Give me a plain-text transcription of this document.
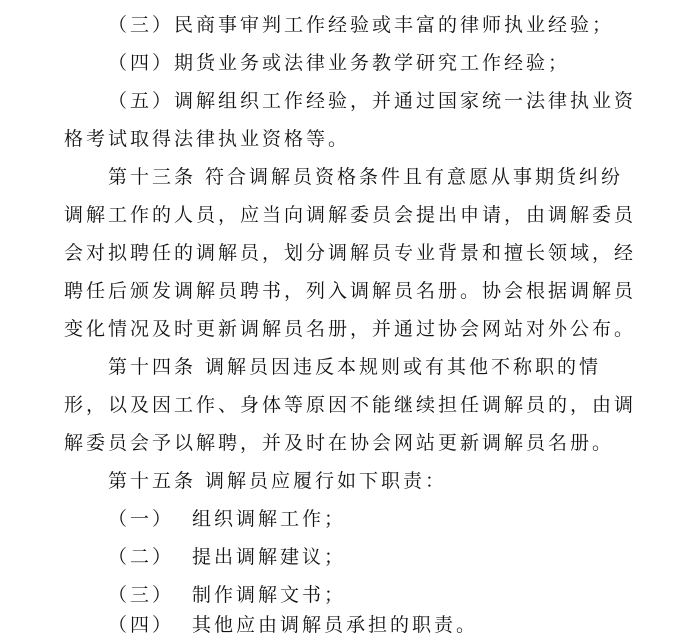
（三）民商事审判工作经验或丰富的律师执业经验；
（四）期货业务或法律业务教学研究工作经验；
（五）调解组织工作经验，并通过国家统一法律执业资
格考试取得法律执业资格等。
第十三条 符合调解员资格条件且有意愿从事期货纠纷
调解工作的人员，应当向调解委员会提出申请，由调解委员
会对拟聘任的调解员，划分调解员专业背景和擅长领域，经
聘任后颁发调解员聘书，列入调解员名册。协会根据调解员
变化情况及时更新调解员名册，并通过协会网站对外公布。
第十四条 调解员因违反本规则或有其他不称职的情
形，以及因工作、身体等原因不能继续担任调解员的，由调
解委员会予以解聘，并及时在协会网站更新调解员名册。
第十五条 调解员应履行如下职责：
（一） 组织调解工作；
（二） 提出调解建议；
（三） 制作调解文书；
（四） 其他应由调解员承担的职责。
